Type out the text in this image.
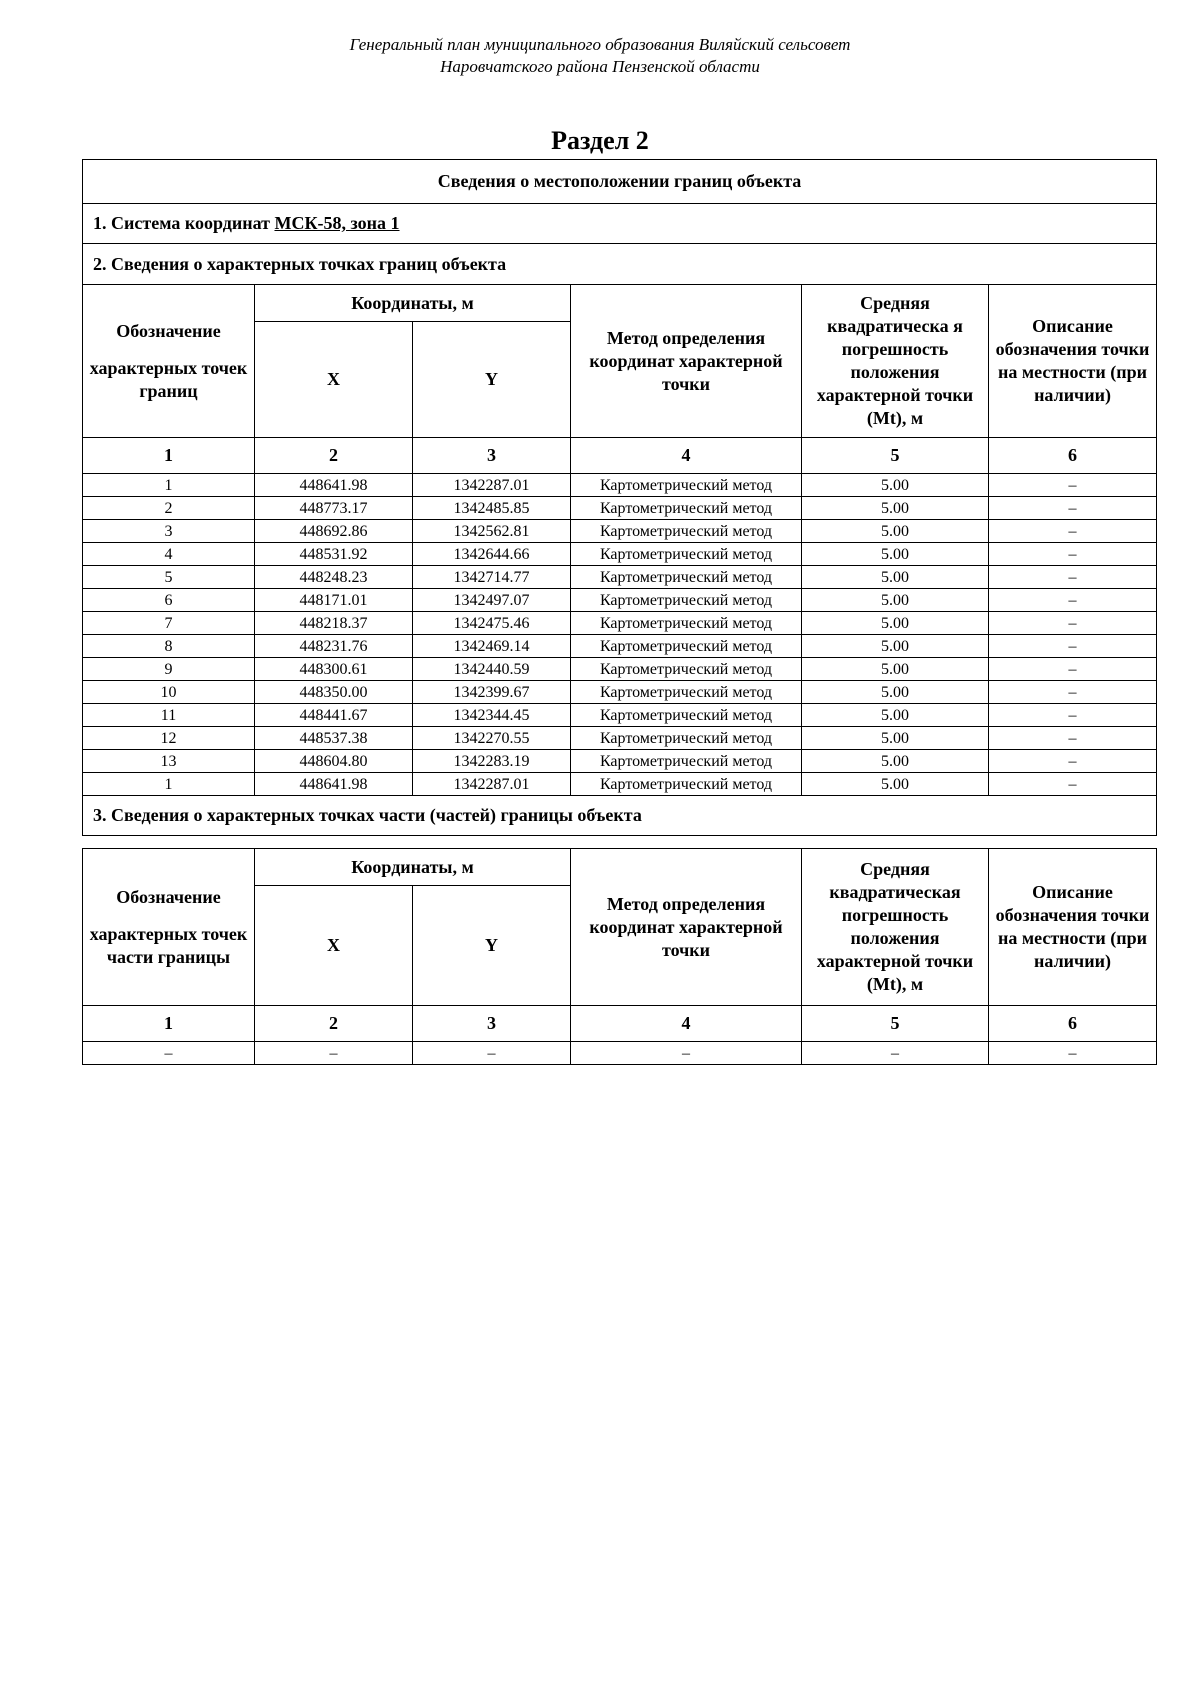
Генеральный план муниципального образования Виляйский сельсовет
Наровчатского района Пензенской области
Раздел 2
Сведения о местоположении границ объекта					
1. Система координат МСК-58, зона 1					
2. Сведения о характерных точках границ объекта					

Обозначение
характерных точек границ	Координаты, м		Метод определения координат характерной точки	Средняя квадратическа я погрешность положения характерной точки (Mt), м	Описание обозначения точки на местности (при наличии)
	X	Y			
1	2	3	4	5	6
1	448641.98	1342287.01	Картометрический метод	5.00	–
2	448773.17	1342485.85	Картометрический метод	5.00	–
3	448692.86	1342562.81	Картометрический метод	5.00	–
4	448531.92	1342644.66	Картометрический метод	5.00	–
5	448248.23	1342714.77	Картометрический метод	5.00	–
6	448171.01	1342497.07	Картометрический метод	5.00	–
7	448218.37	1342475.46	Картометрический метод	5.00	–
8	448231.76	1342469.14	Картометрический метод	5.00	–
9	448300.61	1342440.59	Картометрический метод	5.00	–
10	448350.00	1342399.67	Картометрический метод	5.00	–
11	448441.67	1342344.45	Картометрический метод	5.00	–
12	448537.38	1342270.55	Картометрический метод	5.00	–
13	448604.80	1342283.19	Картометрический метод	5.00	–
1	448641.98	1342287.01	Картометрический метод	5.00	–
3. Сведения о характерных точках части (частей) границы объекта					
Обозначение
характерных точек части границы	Координаты, м		Метод определения координат характерной точки	Средняя квадратическая погрешность положения характерной точки (Mt), м	Описание обозначения точки на местности (при наличии)
	X	Y			
1	2	3	4	5	6
–	–	–	–	–	–
